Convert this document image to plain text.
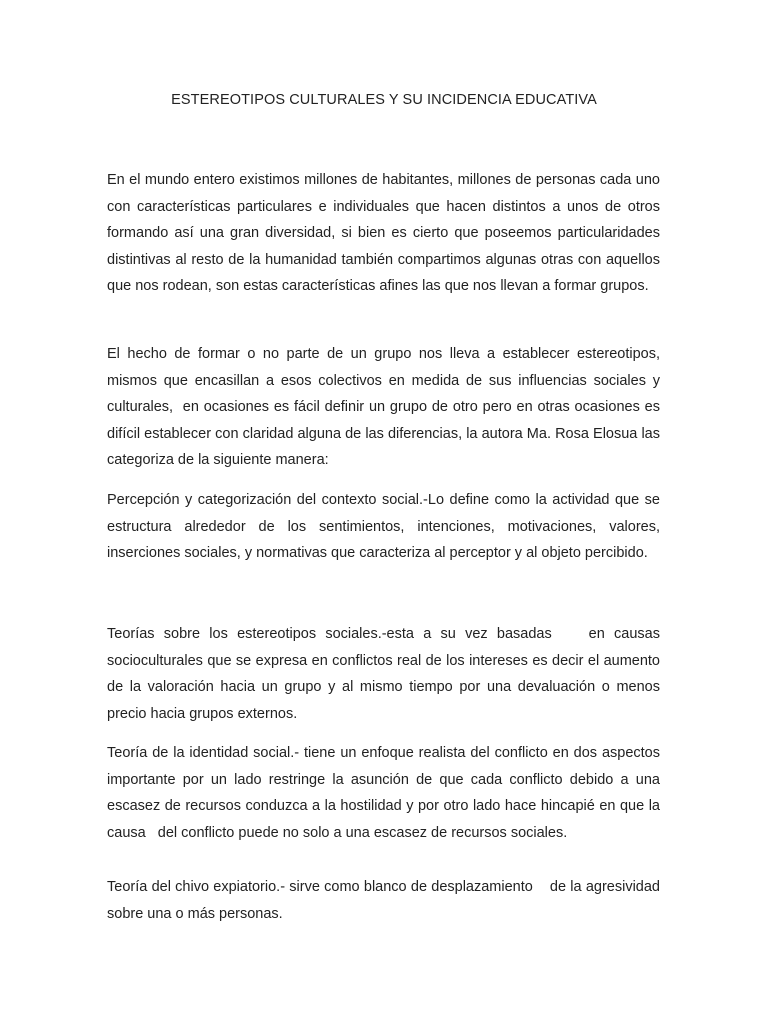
ESTEREOTIPOS CULTURALES Y SU INCIDENCIA EDUCATIVA

En el mundo entero existimos millones de habitantes, millones de personas cada uno con características particulares e individuales que hacen distintos a unos de otros formando así una gran diversidad, si bien es cierto que poseemos particularidades distintivas al resto de la humanidad también compartimos algunas otras con aquellos que nos rodean, son estas características afines las que nos llevan a formar grupos.

El hecho de formar o no parte de un grupo nos lleva a establecer estereotipos, mismos que encasillan a esos colectivos en medida de sus influencias sociales y culturales,  en ocasiones es fácil definir un grupo de otro pero en otras ocasiones es difícil establecer con claridad alguna de las diferencias, la autora Ma. Rosa Elosua las categoriza de la siguiente manera:

Percepción y categorización del contexto social.-Lo define como la actividad que se estructura alrededor de los sentimientos, intenciones, motivaciones, valores, inserciones sociales, y normativas que caracteriza al perceptor y al objeto percibido.

Teorías sobre los estereotipos sociales.-esta a su vez basadas    en causas socioculturales que se expresa en conflictos real de los intereses es decir el aumento de la valoración hacia un grupo y al mismo tiempo por una devaluación o menos precio hacia grupos externos.

Teoría de la identidad social.- tiene un enfoque realista del conflicto en dos aspectos importante por un lado restringe la asunción de que cada conflicto debido a una escasez de recursos conduzca a la hostilidad y por otro lado hace hincapié en que la causa   del conflicto puede no solo a una escasez de recursos sociales.

Teoría del chivo expiatorio.- sirve como blanco de desplazamiento    de la agresividad sobre una o más personas.
